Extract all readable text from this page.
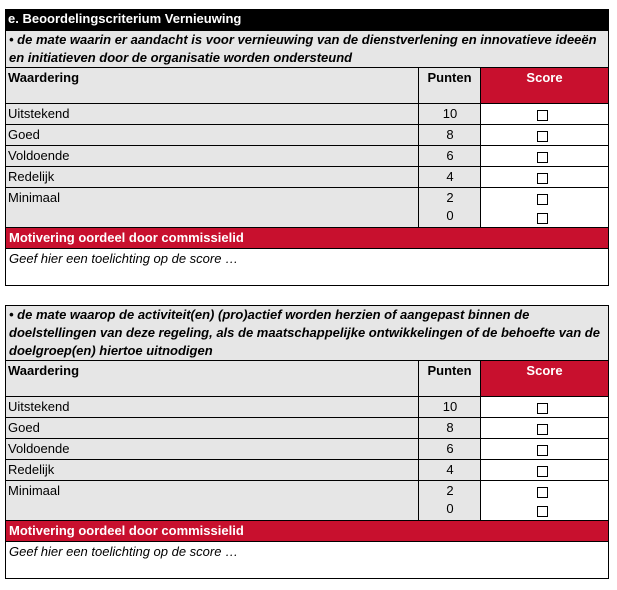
e. Beoordelingscriterium Vernieuwing
• de mate waarin er aandacht is voor vernieuwing van de dienstverlening en innovatieve ideeën en initiatieven door de organisatie worden ondersteund
Waardering	Punten	Score
Uitstekend	10
Goed	8
Voldoende	6
Redelijk	4
Minimaal	2
0
Motivering oordeel door commissielid
Geef hier een toelichting op de score …
• de mate waarop de activiteit(en) (pro)actief worden herzien of aangepast binnen de doelstellingen van deze regeling, als de maatschappelijke ontwikkelingen of de behoefte van de doelgroep(en) hiertoe uitnodigen
Waardering	Punten	Score
Uitstekend	10
Goed	8
Voldoende	6
Redelijk	4
Minimaal	2
0
Motivering oordeel door commissielid
Geef hier een toelichting op de score …
